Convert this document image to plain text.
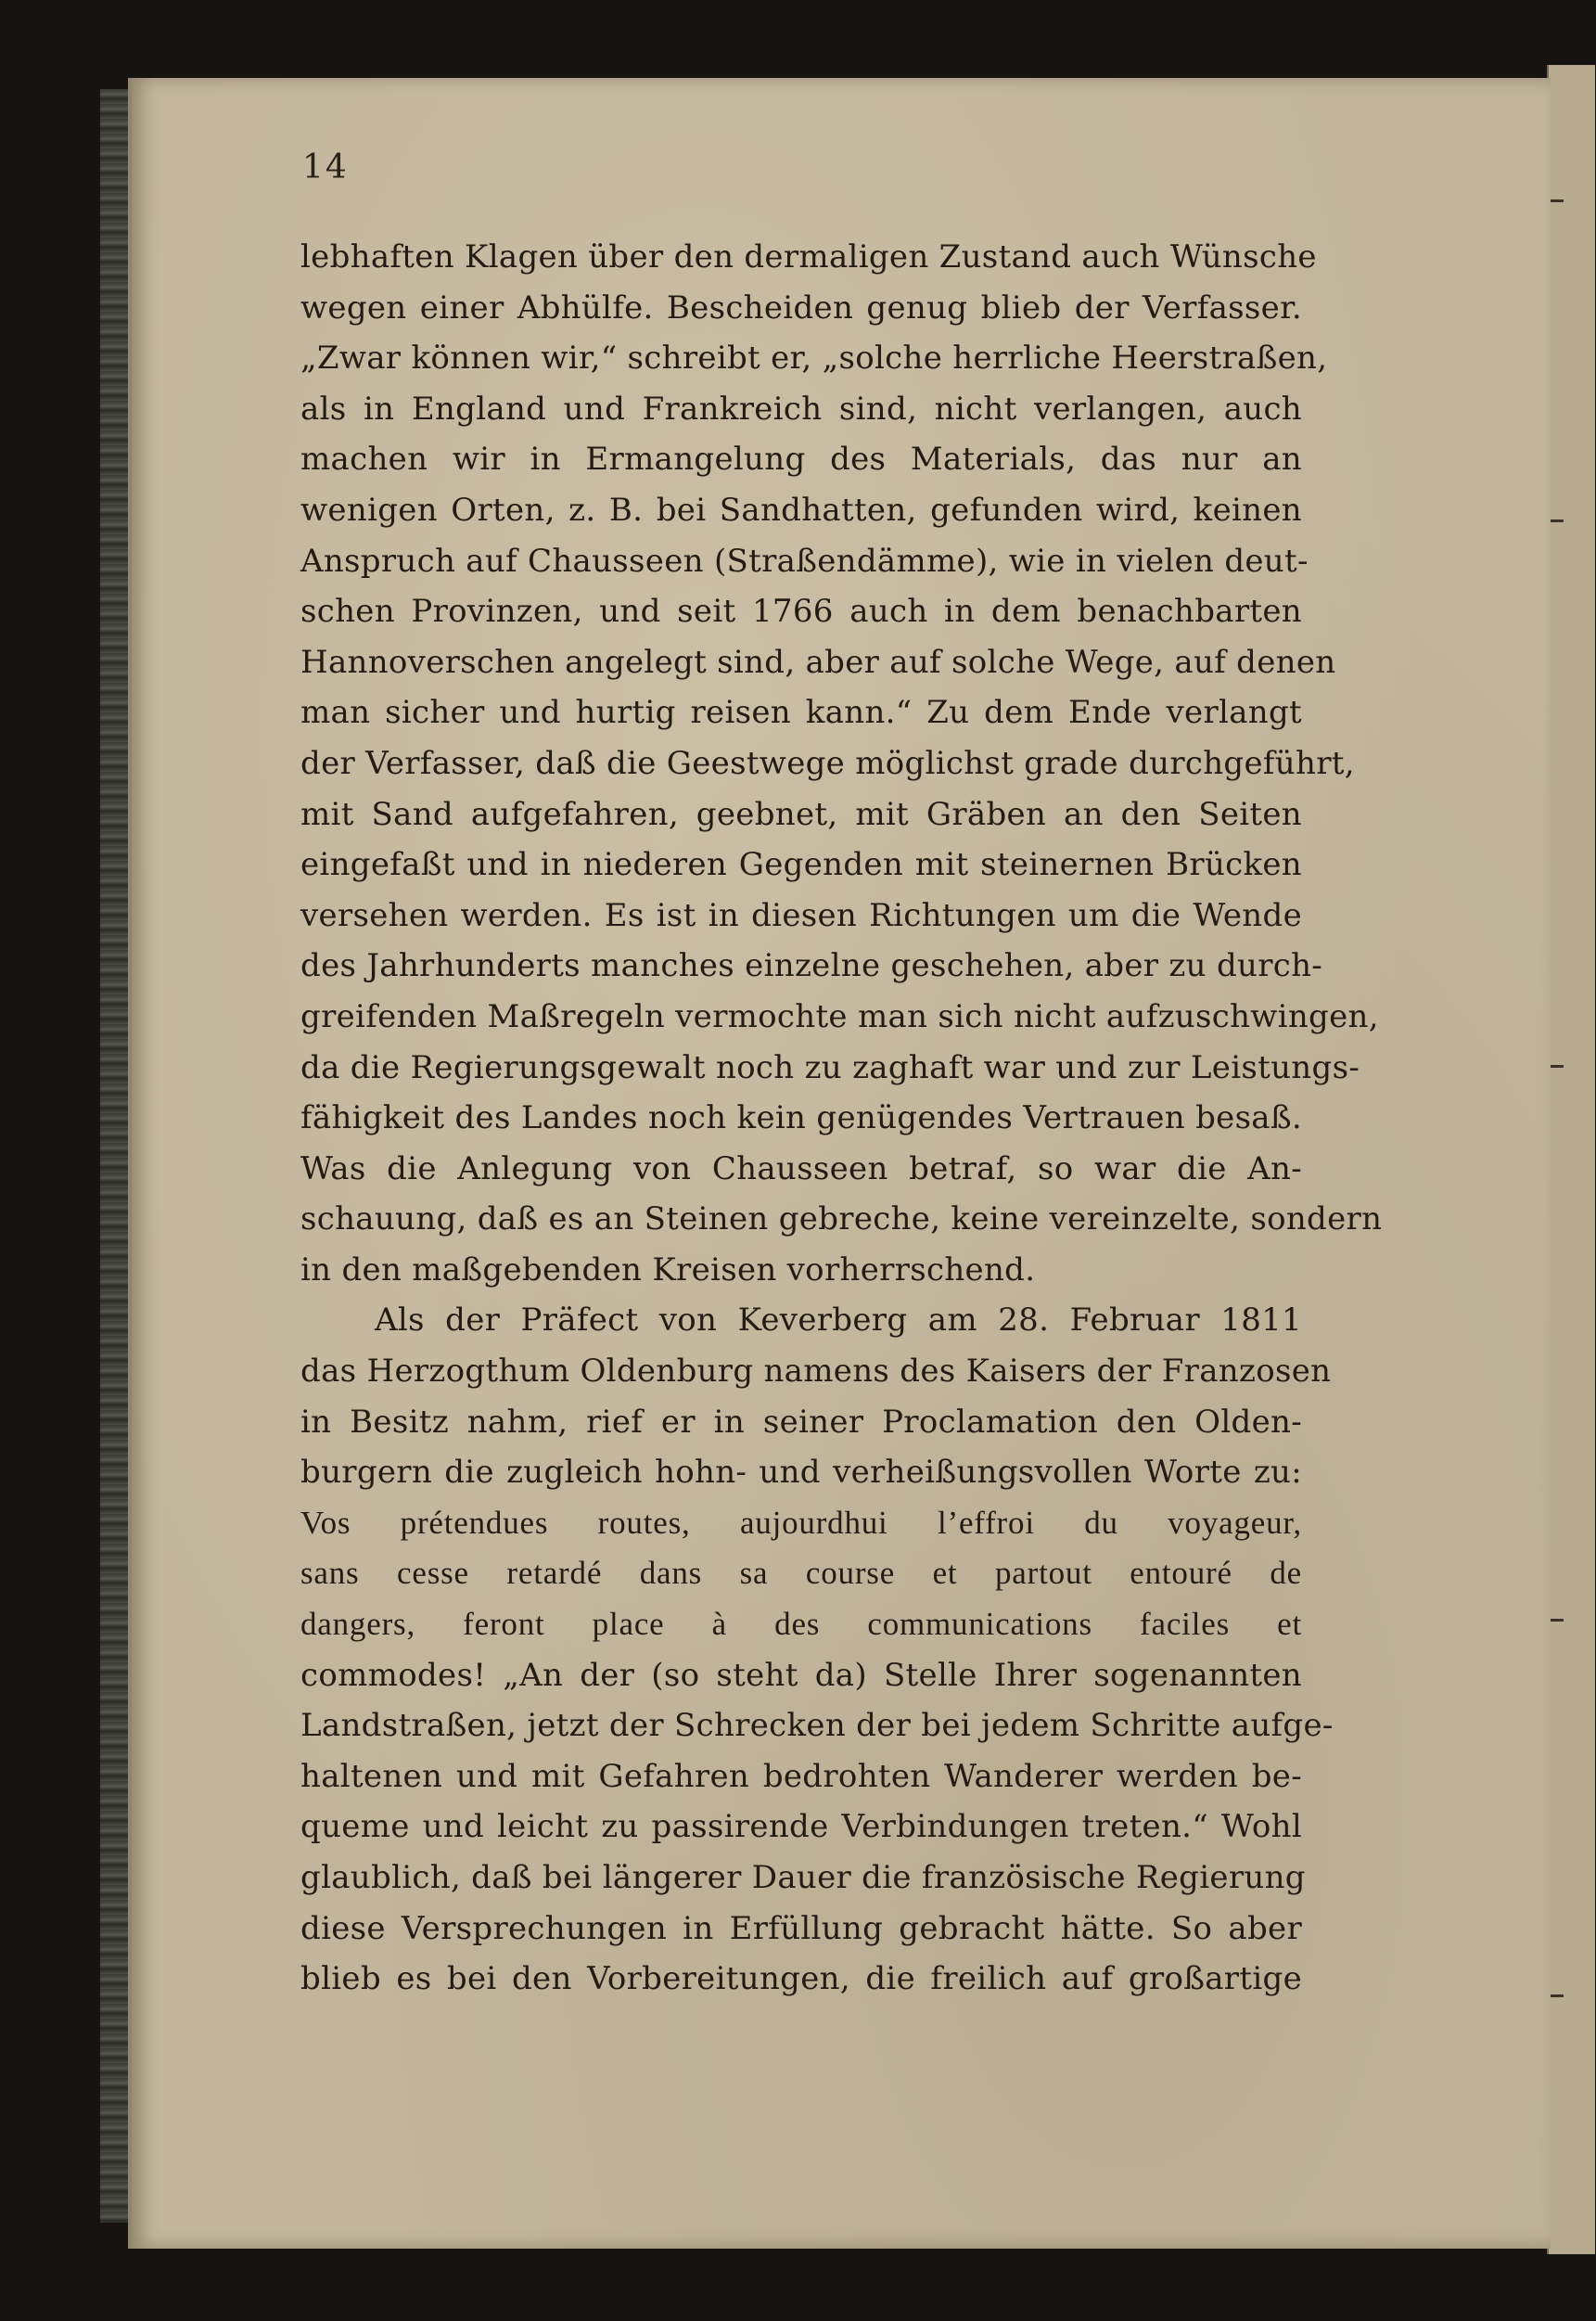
14
lebhaften Klagen über den dermaligen Zustand auch Wünsche
wegen einer Abhülfe. Bescheiden genug blieb der Verfasser.
„Zwar können wir,“ schreibt er, „solche herrliche Heerstraßen,
als in England und Frankreich sind, nicht verlangen, auch
machen wir in Ermangelung des Materials, das nur an
wenigen Orten, z. B. bei Sandhatten, gefunden wird, keinen
Anspruch auf Chausseen (Straßendämme), wie in vielen deut-
schen Provinzen, und seit 1766 auch in dem benachbarten
Hannoverschen angelegt sind, aber auf solche Wege, auf denen
man sicher und hurtig reisen kann.“ Zu dem Ende verlangt
der Verfasser, daß die Geestwege möglichst grade durchgeführt,
mit Sand aufgefahren, geebnet, mit Gräben an den Seiten
eingefaßt und in niederen Gegenden mit steinernen Brücken
versehen werden. Es ist in diesen Richtungen um die Wende
des Jahrhunderts manches einzelne geschehen, aber zu durch-
greifenden Maßregeln vermochte man sich nicht aufzuschwingen,
da die Regierungsgewalt noch zu zaghaft war und zur Leistungs-
fähigkeit des Landes noch kein genügendes Vertrauen besaß.
Was die Anlegung von Chausseen betraf, so war die An-
schauung, daß es an Steinen gebreche, keine vereinzelte, sondern
in den maßgebenden Kreisen vorherrschend.
Als der Präfect von Keverberg am 28. Februar 1811
das Herzogthum Oldenburg namens des Kaisers der Franzosen
in Besitz nahm, rief er in seiner Proclamation den Olden-
burgern die zugleich hohn- und verheißungsvollen Worte zu:
Vos prétendues routes, aujourdhui l’effroi du voyageur,
sans cesse retardé dans sa course et partout entouré de
dangers, feront place à des communications faciles et
commodes! „An der (so steht da) Stelle Ihrer sogenannten
Landstraßen, jetzt der Schrecken der bei jedem Schritte aufge-
haltenen und mit Gefahren bedrohten Wanderer werden be-
queme und leicht zu passirende Verbindungen treten.“ Wohl
glaublich, daß bei längerer Dauer die französische Regierung
diese Versprechungen in Erfüllung gebracht hätte. So aber
blieb es bei den Vorbereitungen, die freilich auf großartige
